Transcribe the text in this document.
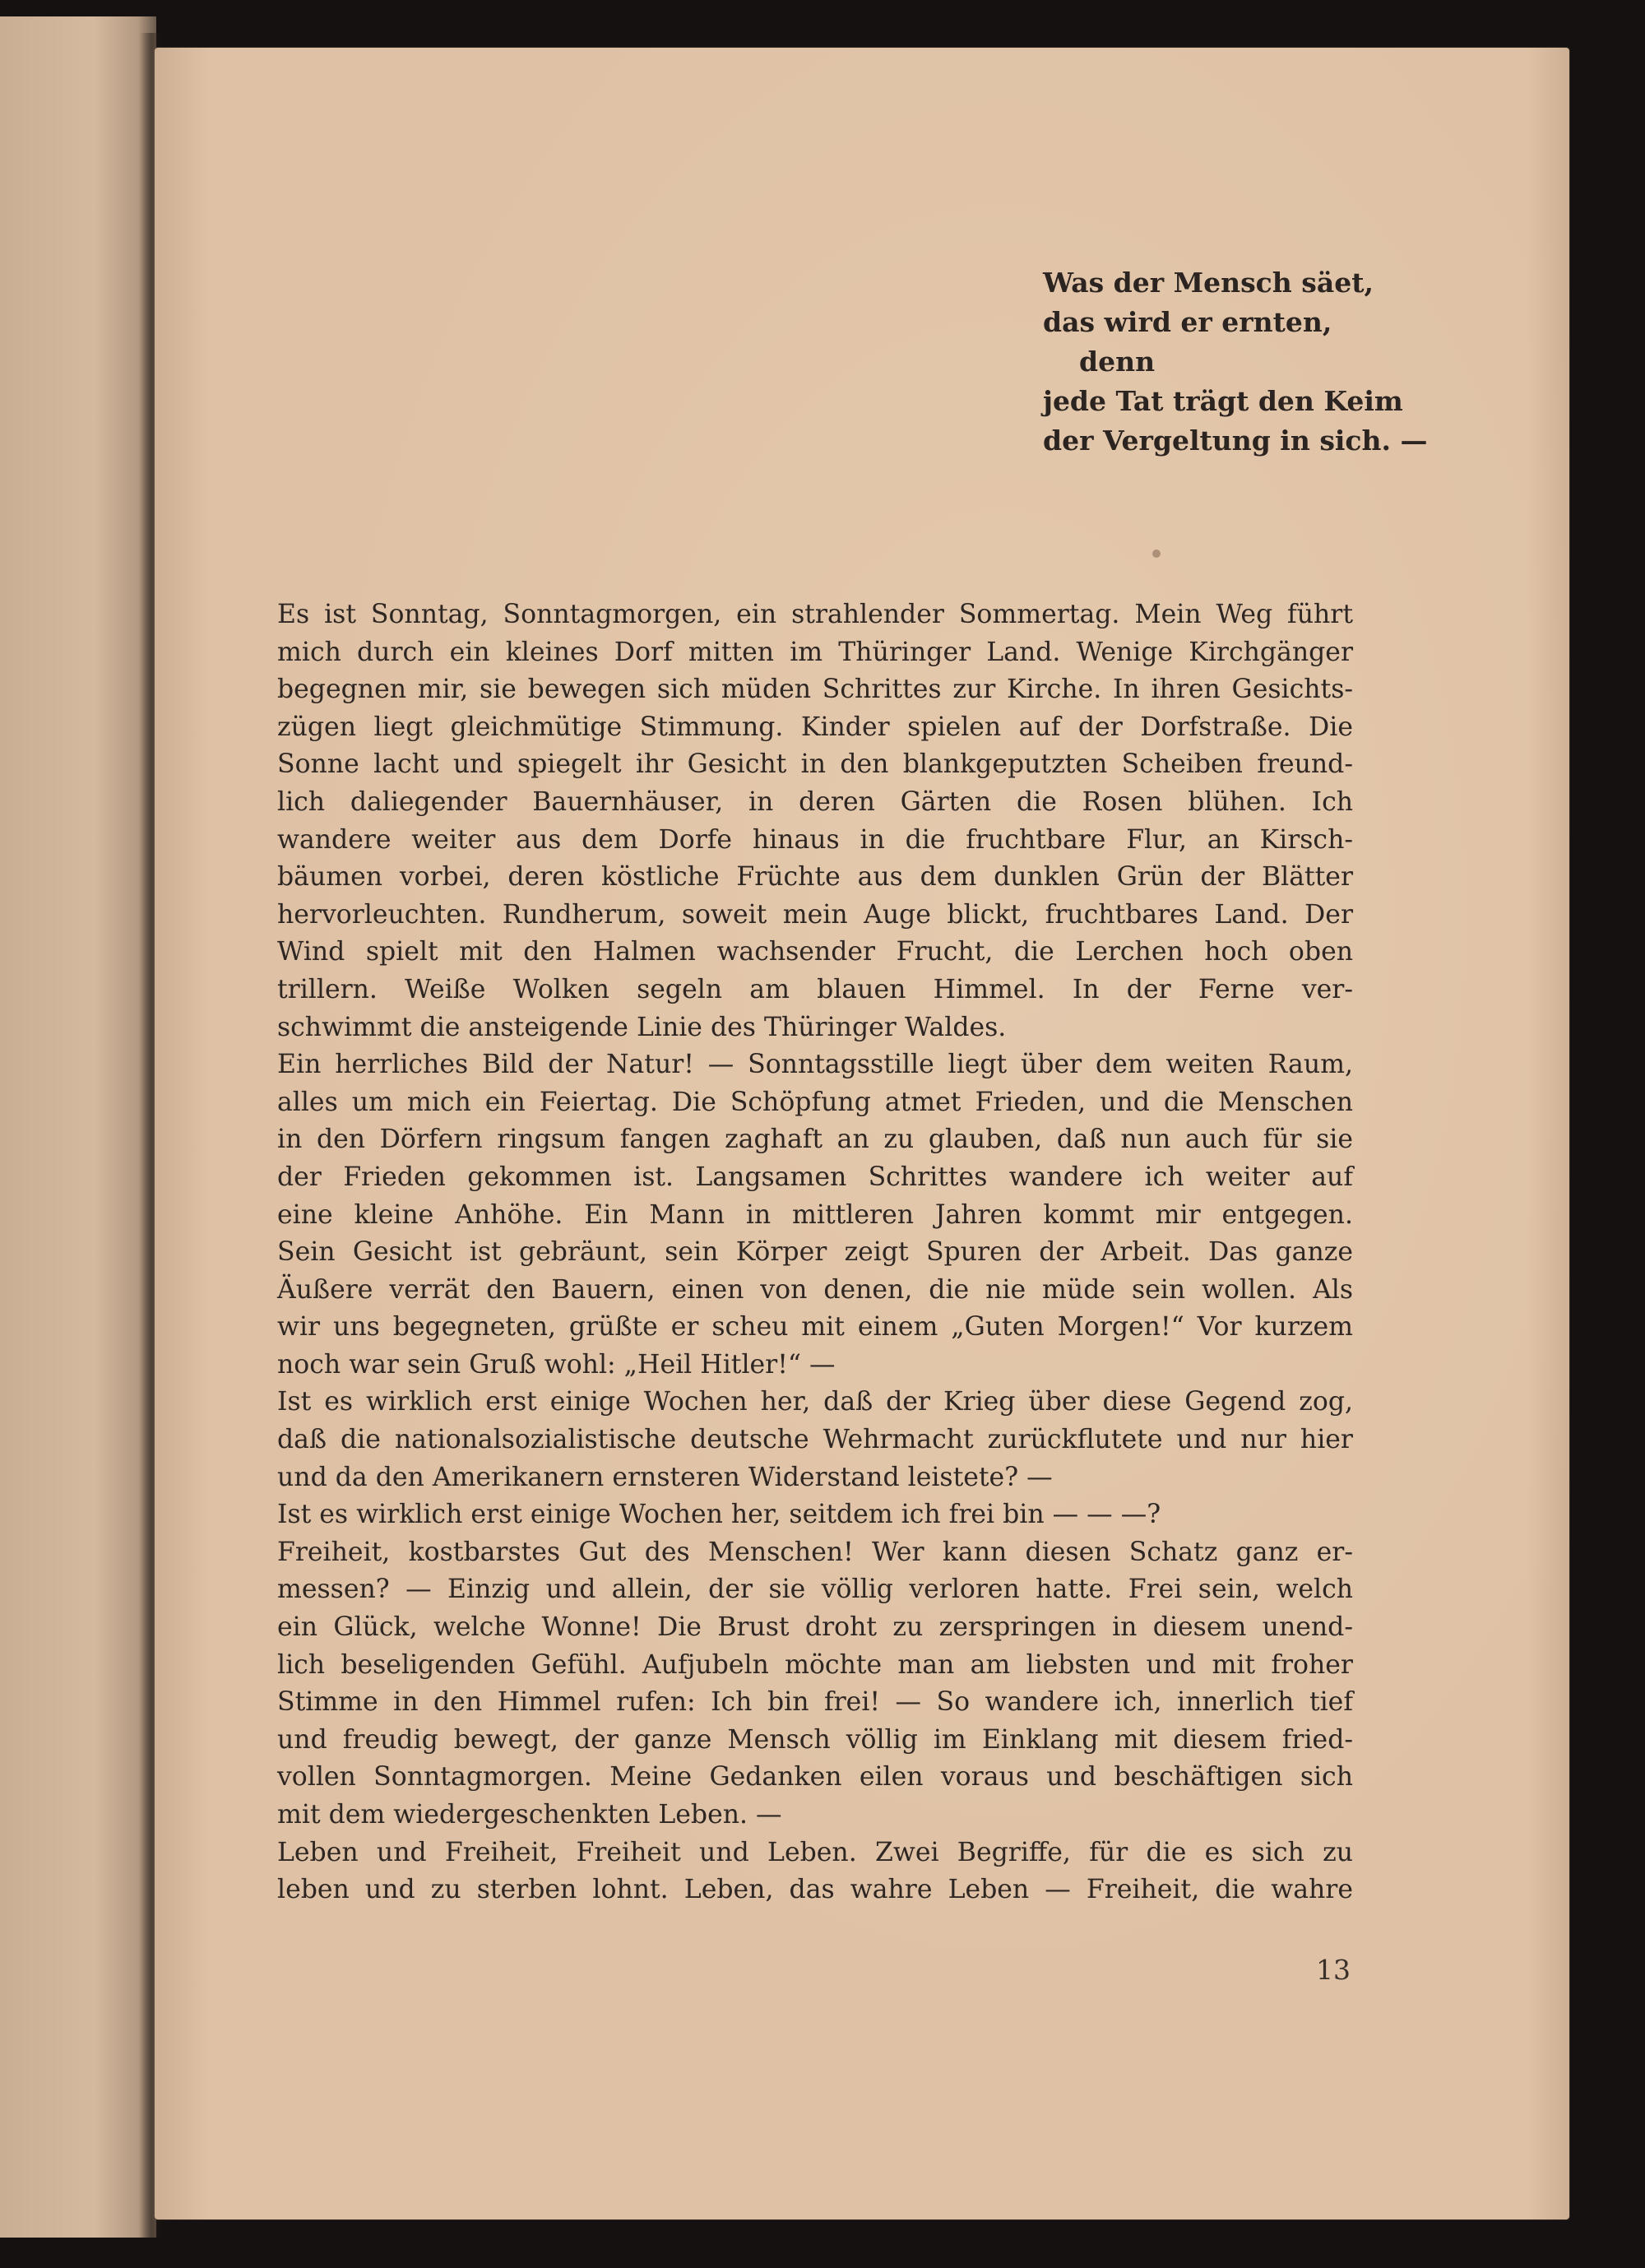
Was der Mensch säet,
das wird er ernten,
denn
jede Tat trägt den Keim
der Vergeltung in sich. —
Es ist Sonntag, Sonntagmorgen, ein strahlender Sommertag. Mein Weg führt
mich durch ein kleines Dorf mitten im Thüringer Land. Wenige Kirchgänger
begegnen mir, sie bewegen sich müden Schrittes zur Kirche. In ihren Gesichts-
zügen liegt gleichmütige Stimmung. Kinder spielen auf der Dorfstraße. Die
Sonne lacht und spiegelt ihr Gesicht in den blankgeputzten Scheiben freund-
lich daliegender Bauernhäuser, in deren Gärten die Rosen blühen. Ich
wandere weiter aus dem Dorfe hinaus in die fruchtbare Flur, an Kirsch-
bäumen vorbei, deren köstliche Früchte aus dem dunklen Grün der Blätter
hervorleuchten. Rundherum, soweit mein Auge blickt, fruchtbares Land. Der
Wind spielt mit den Halmen wachsender Frucht, die Lerchen hoch oben
trillern. Weiße Wolken segeln am blauen Himmel. In der Ferne ver-
schwimmt die ansteigende Linie des Thüringer Waldes.
Ein herrliches Bild der Natur! — Sonntagsstille liegt über dem weiten Raum,
alles um mich ein Feiertag. Die Schöpfung atmet Frieden, und die Menschen
in den Dörfern ringsum fangen zaghaft an zu glauben, daß nun auch für sie
der Frieden gekommen ist. Langsamen Schrittes wandere ich weiter auf
eine kleine Anhöhe. Ein Mann in mittleren Jahren kommt mir entgegen.
Sein Gesicht ist gebräunt, sein Körper zeigt Spuren der Arbeit. Das ganze
Äußere verrät den Bauern, einen von denen, die nie müde sein wollen. Als
wir uns begegneten, grüßte er scheu mit einem „Guten Morgen!“ Vor kurzem
noch war sein Gruß wohl: „Heil Hitler!“ —
Ist es wirklich erst einige Wochen her, daß der Krieg über diese Gegend zog,
daß die nationalsozialistische deutsche Wehrmacht zurückflutete und nur hier
und da den Amerikanern ernsteren Widerstand leistete? —
Ist es wirklich erst einige Wochen her, seitdem ich frei bin — — —?
Freiheit, kostbarstes Gut des Menschen! Wer kann diesen Schatz ganz er-
messen? — Einzig und allein, der sie völlig verloren hatte. Frei sein, welch
ein Glück, welche Wonne! Die Brust droht zu zerspringen in diesem unend-
lich beseligenden Gefühl. Aufjubeln möchte man am liebsten und mit froher
Stimme in den Himmel rufen: Ich bin frei! — So wandere ich, innerlich tief
und freudig bewegt, der ganze Mensch völlig im Einklang mit diesem fried-
vollen Sonntagmorgen. Meine Gedanken eilen voraus und beschäftigen sich
mit dem wiedergeschenkten Leben. —
Leben und Freiheit, Freiheit und Leben. Zwei Begriffe, für die es sich zu
leben und zu sterben lohnt. Leben, das wahre Leben — Freiheit, die wahre
13
